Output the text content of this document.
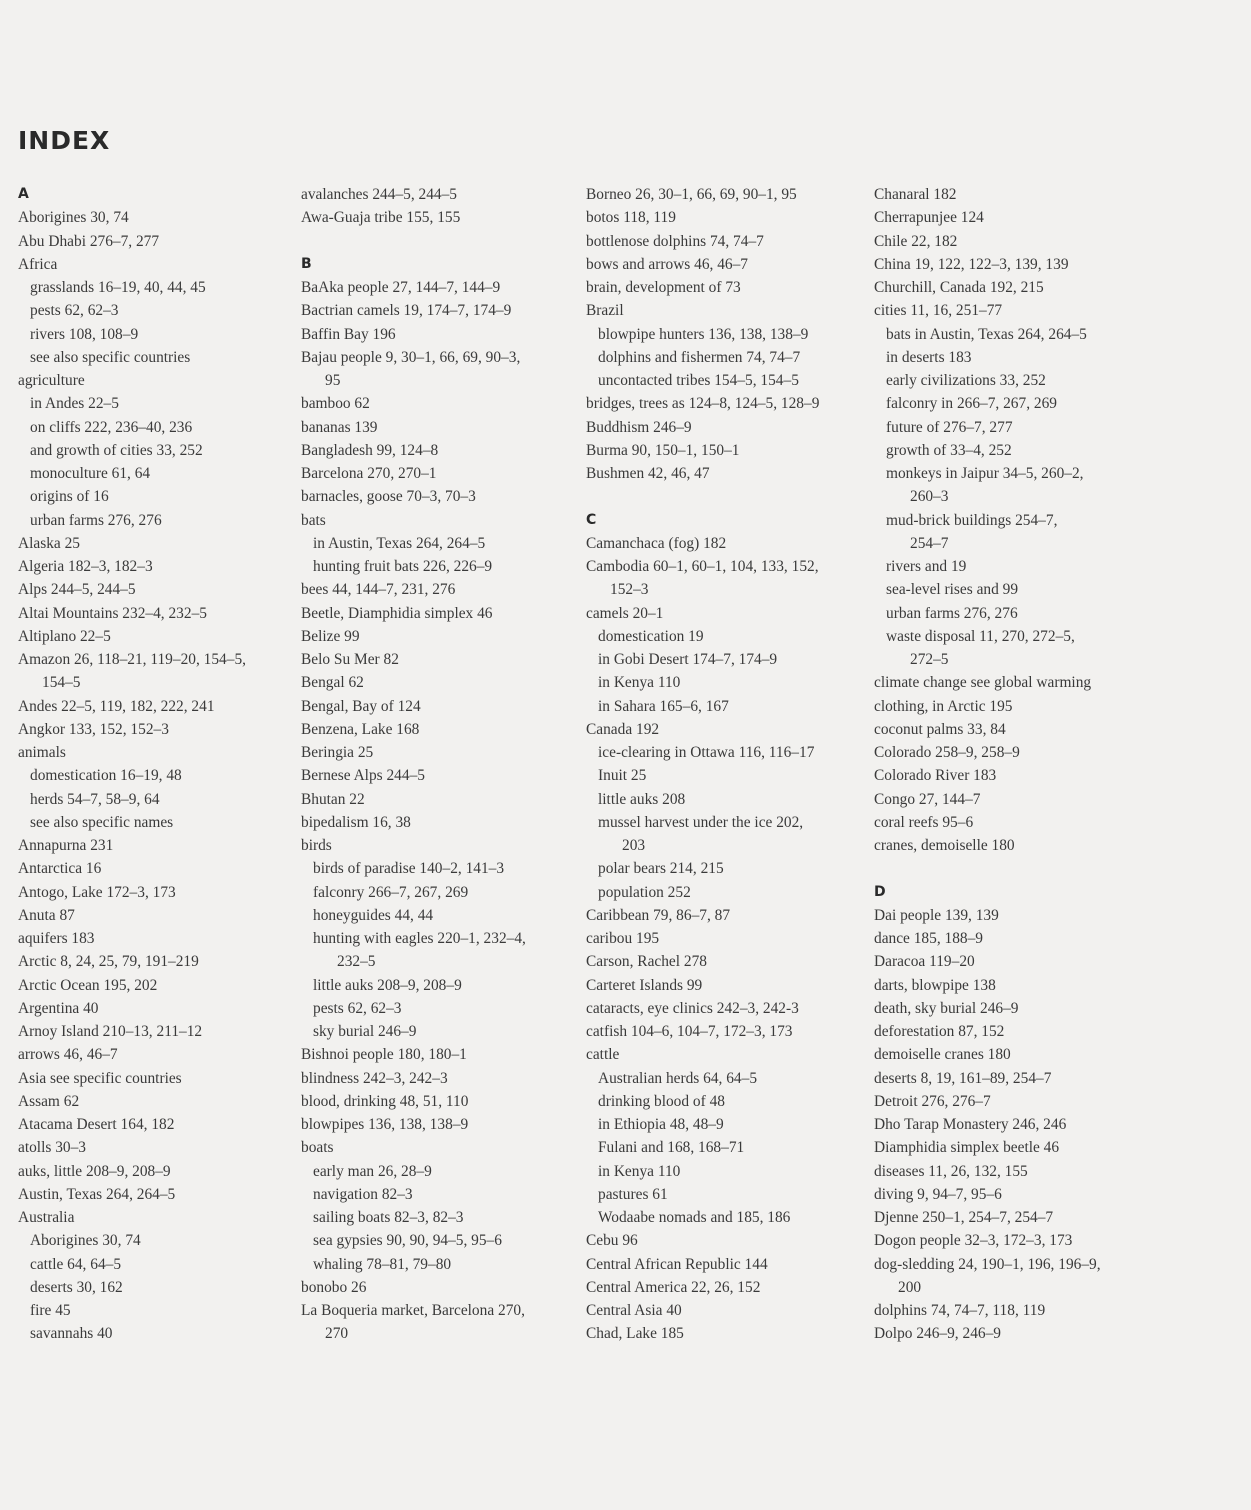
INDEX
A
Aborigines 30, 74
Abu Dhabi 276–7, 277
Africa
grasslands 16–19, 40, 44, 45
pests 62, 62–3
rivers 108, 108–9
see also specific countries
agriculture
in Andes 22–5
on cliffs 222, 236–40, 236
and growth of cities 33, 252
monoculture 61, 64
origins of 16
urban farms 276, 276
Alaska 25
Algeria 182–3, 182–3
Alps 244–5, 244–5
Altai Mountains 232–4, 232–5
Altiplano 22–5
Amazon 26, 118–21, 119–20, 154–5,
154–5
Andes 22–5, 119, 182, 222, 241
Angkor 133, 152, 152–3
animals
domestication 16–19, 48
herds 54–7, 58–9, 64
see also specific names
Annapurna 231
Antarctica 16
Antogo, Lake 172–3, 173
Anuta 87
aquifers 183
Arctic 8, 24, 25, 79, 191–219
Arctic Ocean 195, 202
Argentina 40
Arnoy Island 210–13, 211–12
arrows 46, 46–7
Asia see specific countries
Assam 62
Atacama Desert 164, 182
atolls 30–3
auks, little 208–9, 208–9
Austin, Texas 264, 264–5
Australia
Aborigines 30, 74
cattle 64, 64–5
deserts 30, 162
fire 45
savannahs 40
avalanches 244–5, 244–5
Awa-Guaja tribe 155, 155
B
BaAka people 27, 144–7, 144–9
Bactrian camels 19, 174–7, 174–9
Baffin Bay 196
Bajau people 9, 30–1, 66, 69, 90–3,
95
bamboo 62
bananas 139
Bangladesh 99, 124–8
Barcelona 270, 270–1
barnacles, goose 70–3, 70–3
bats
in Austin, Texas 264, 264–5
hunting fruit bats 226, 226–9
bees 44, 144–7, 231, 276
Beetle, Diamphidia simplex 46
Belize 99
Belo Su Mer 82
Bengal 62
Bengal, Bay of 124
Benzena, Lake 168
Beringia 25
Bernese Alps 244–5
Bhutan 22
bipedalism 16, 38
birds
birds of paradise 140–2, 141–3
falconry 266–7, 267, 269
honeyguides 44, 44
hunting with eagles 220–1, 232–4,
232–5
little auks 208–9, 208–9
pests 62, 62–3
sky burial 246–9
Bishnoi people 180, 180–1
blindness 242–3, 242–3
blood, drinking 48, 51, 110
blowpipes 136, 138, 138–9
boats
early man 26, 28–9
navigation 82–3
sailing boats 82–3, 82–3
sea gypsies 90, 90, 94–5, 95–6
whaling 78–81, 79–80
bonobo 26
La Boqueria market, Barcelona 270,
270
Borneo 26, 30–1, 66, 69, 90–1, 95
botos 118, 119
bottlenose dolphins 74, 74–7
bows and arrows 46, 46–7
brain, development of 73
Brazil
blowpipe hunters 136, 138, 138–9
dolphins and fishermen 74, 74–7
uncontacted tribes 154–5, 154–5
bridges, trees as 124–8, 124–5, 128–9
Buddhism 246–9
Burma 90, 150–1, 150–1
Bushmen 42, 46, 47
C
Camanchaca (fog) 182
Cambodia 60–1, 60–1, 104, 133, 152,
152–3
camels 20–1
domestication 19
in Gobi Desert 174–7, 174–9
in Kenya 110
in Sahara 165–6, 167
Canada 192
ice-clearing in Ottawa 116, 116–17
Inuit 25
little auks 208
mussel harvest under the ice 202,
203
polar bears 214, 215
population 252
Caribbean 79, 86–7, 87
caribou 195
Carson, Rachel 278
Carteret Islands 99
cataracts, eye clinics 242–3, 242-3
catfish 104–6, 104–7, 172–3, 173
cattle
Australian herds 64, 64–5
drinking blood of 48
in Ethiopia 48, 48–9
Fulani and 168, 168–71
in Kenya 110
pastures 61
Wodaabe nomads and 185, 186
Cebu 96
Central African Republic 144
Central America 22, 26, 152
Central Asia 40
Chad, Lake 185
Chanaral 182
Cherrapunjee 124
Chile 22, 182
China 19, 122, 122–3, 139, 139
Churchill, Canada 192, 215
cities 11, 16, 251–77
bats in Austin, Texas 264, 264–5
in deserts 183
early civilizations 33, 252
falconry in 266–7, 267, 269
future of 276–7, 277
growth of 33–4, 252
monkeys in Jaipur 34–5, 260–2,
260–3
mud-brick buildings 254–7,
254–7
rivers and 19
sea-level rises and 99
urban farms 276, 276
waste disposal 11, 270, 272–5,
272–5
climate change see global warming
clothing, in Arctic 195
coconut palms 33, 84
Colorado 258–9, 258–9
Colorado River 183
Congo 27, 144–7
coral reefs 95–6
cranes, demoiselle 180
D
Dai people 139, 139
dance 185, 188–9
Daracoa 119–20
darts, blowpipe 138
death, sky burial 246–9
deforestation 87, 152
demoiselle cranes 180
deserts 8, 19, 161–89, 254–7
Detroit 276, 276–7
Dho Tarap Monastery 246, 246
Diamphidia simplex beetle 46
diseases 11, 26, 132, 155
diving 9, 94–7, 95–6
Djenne 250–1, 254–7, 254–7
Dogon people 32–3, 172–3, 173
dog-sledding 24, 190–1, 196, 196–9,
200
dolphins 74, 74–7, 118, 119
Dolpo 246–9, 246–9
